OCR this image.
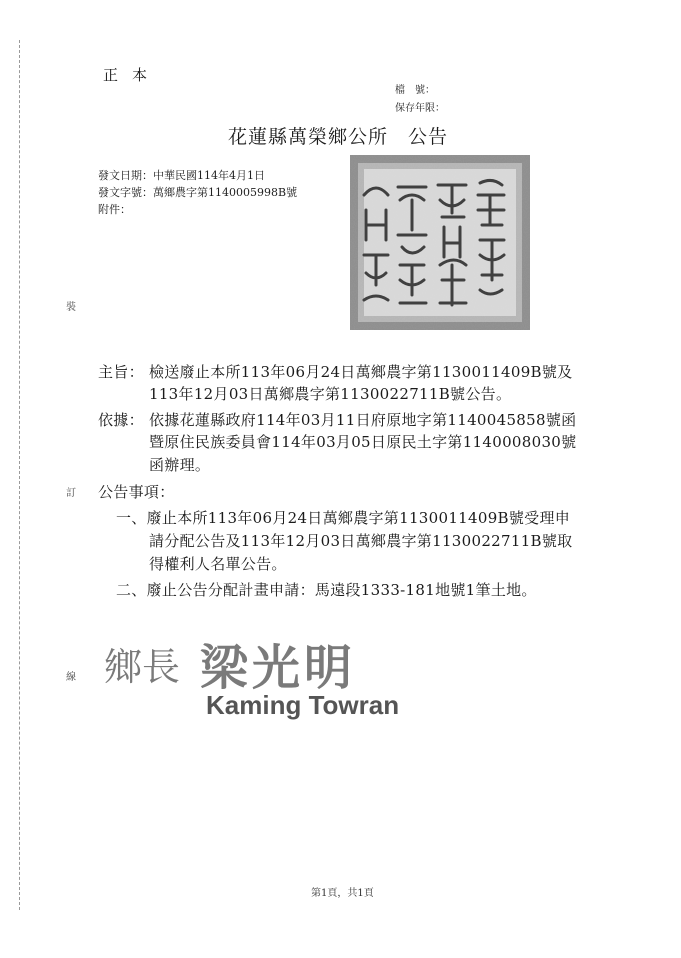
裝
訂
線
正本
檔　號：
保存年限：
花蓮縣萬榮鄉公所　公告
發文日期：中華民國114年4月1日
發文字號：萬鄉農字第1140005998B號
附件：
主旨： 檢送廢止本所113年06月24日萬鄉農字第1130011409B號及
113年12月03日萬鄉農字第1130022711B號公告。
依據： 依據花蓮縣政府114年03月11日府原地字第1140045858號函
暨原住民族委員會114年03月05日原民土字第1140008030號
函辦理。
公告事項：
一、廢止本所113年06月24日萬鄉農字第1130011409B號受理申
請分配公告及113年12月03日萬鄉農字第1130022711B號取
得權利人名單公告。
二、廢止公告分配計畫申請：馬遠段1333-181地號1筆土地。
鄉長 梁光明
Kaming Towran
第1頁，共1頁
